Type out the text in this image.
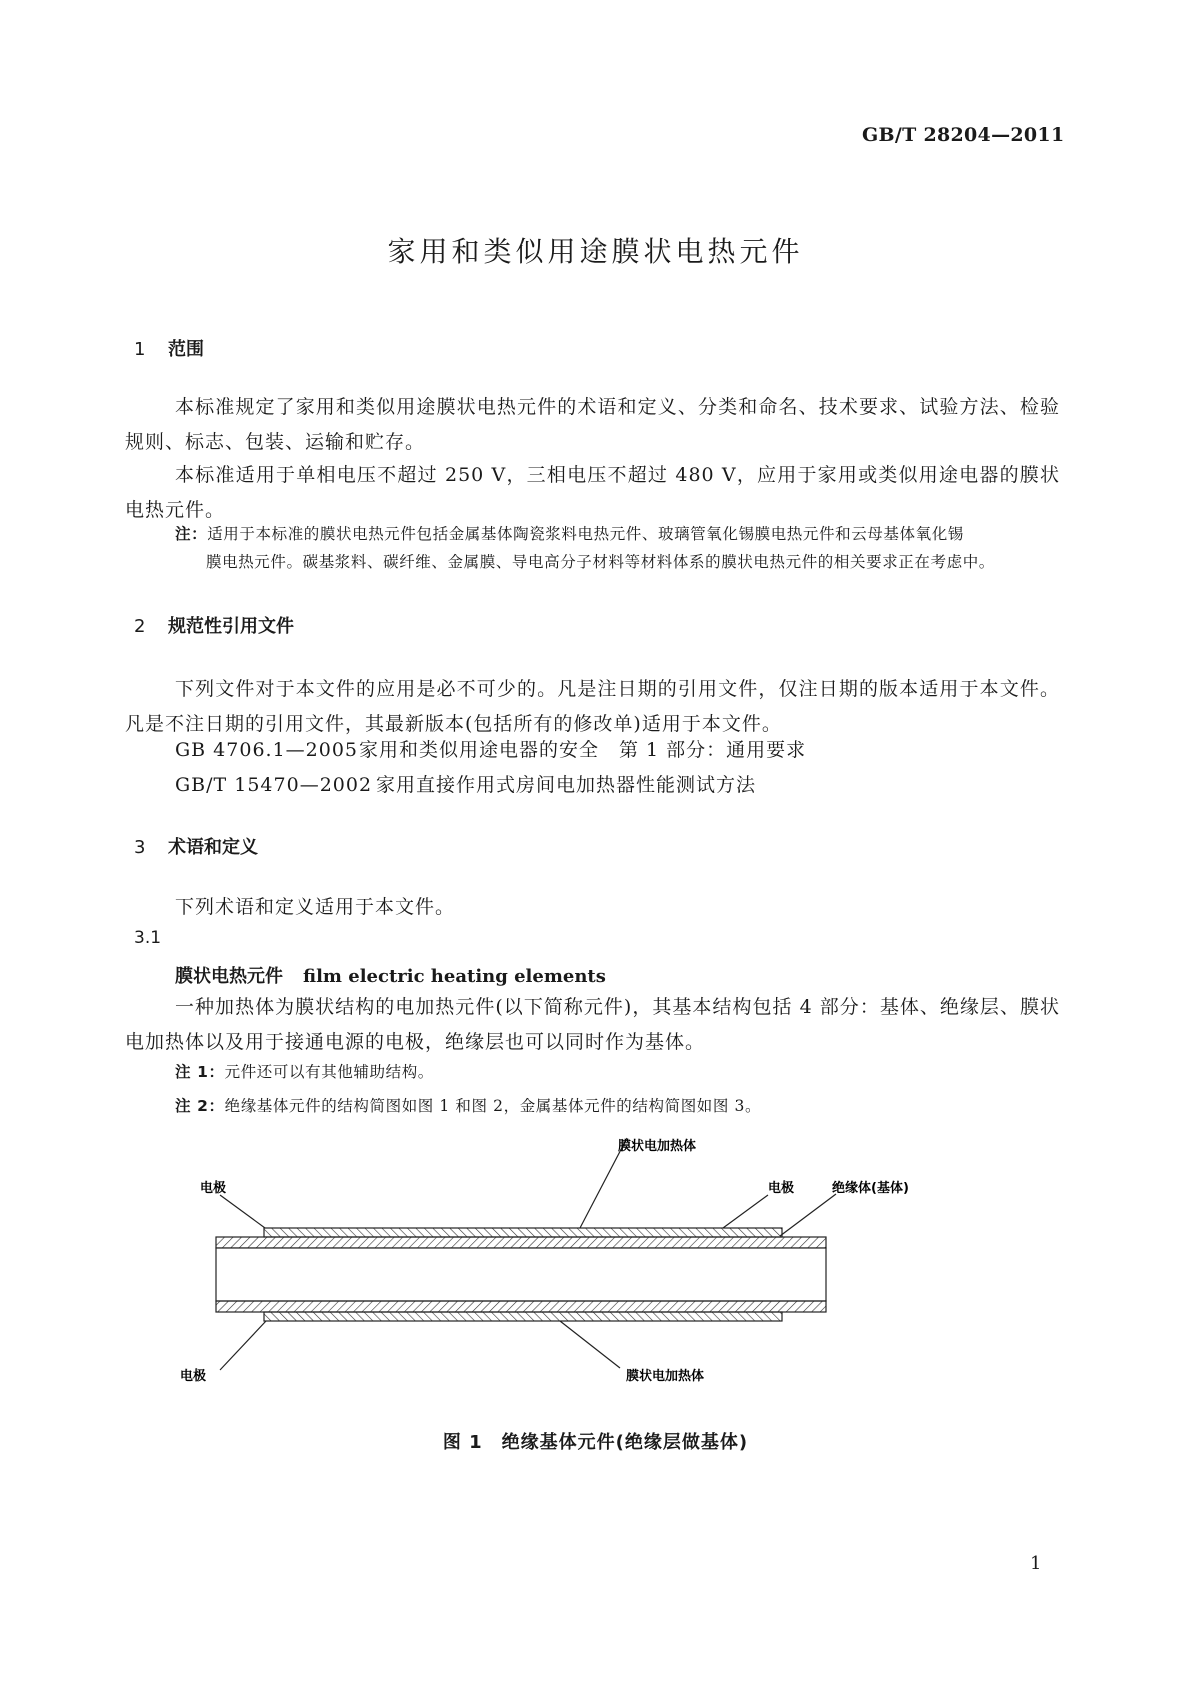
GB/T 28204—2011
家用和类似用途膜状电热元件
1 范围
本标准规定了家用和类似用途膜状电热元件的术语和定义、分类和命名、技术要求、试验方法、检验规则、标志、包装、运输和贮存。
本标准适用于单相电压不超过 250 V，三相电压不超过 480 V，应用于家用或类似用途电器的膜状电热元件。
注：适用于本标准的膜状电热元件包括金属基体陶瓷浆料电热元件、玻璃管氧化锡膜电热元件和云母基体氧化锡
膜电热元件。碳基浆料、碳纤维、金属膜、导电高分子材料等材料体系的膜状电热元件的相关要求正在考虑中。
2 规范性引用文件
下列文件对于本文件的应用是必不可少的。凡是注日期的引用文件，仅注日期的版本适用于本文件。凡是不注日期的引用文件，其最新版本(包括所有的修改单)适用于本文件。
GB 4706.1—2005家用和类似用途电器的安全　第 1 部分：通用要求
GB/T 15470—2002 家用直接作用式房间电加热器性能测试方法
3 术语和定义
下列术语和定义适用于本文件。
3.1
膜状电热元件 film electric heating elements
一种加热体为膜状结构的电加热元件(以下简称元件)，其基本结构包括 4 部分：基体、绝缘层、膜状电加热体以及用于接通电源的电极，绝缘层也可以同时作为基体。
注 1：元件还可以有其他辅助结构。
注 2：绝缘基体元件的结构简图如图 1 和图 2，金属基体元件的结构简图如图 3。
膜状电加热体
电极	电极	绝缘体(基体)
电极	膜状电加热体
图 1　绝缘基体元件(绝缘层做基体)
1
